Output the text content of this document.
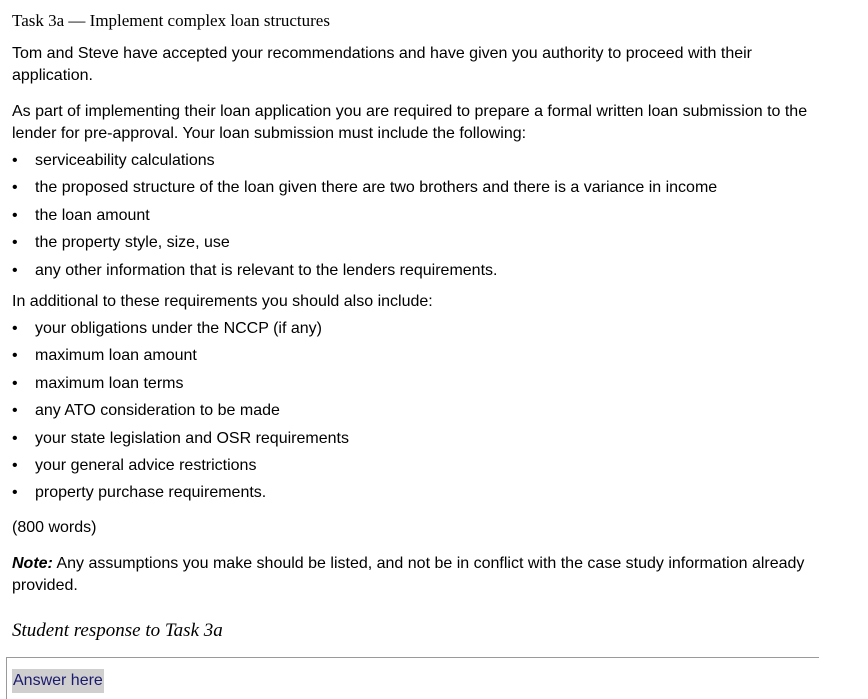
Task 3a — Implement complex loan structures

Tom and Steve have accepted your recommendations and have given you authority to proceed with their application.

As part of implementing their loan application you are required to prepare a formal written loan submission to the lender for pre-approval. Your loan submission must include the following:

• serviceability calculations
• the proposed structure of the loan given there are two brothers and there is a variance in income
• the loan amount
• the property style, size, use
• any other information that is relevant to the lenders requirements.

In additional to these requirements you should also include:

• your obligations under the NCCP (if any)
• maximum loan amount
• maximum loan terms
• any ATO consideration to be made
• your state legislation and OSR requirements
• your general advice restrictions
• property purchase requirements.

(800 words)

Note: Any assumptions you make should be listed, and not be in conflict with the case study information already provided.

Student response to Task 3a
Answer here
